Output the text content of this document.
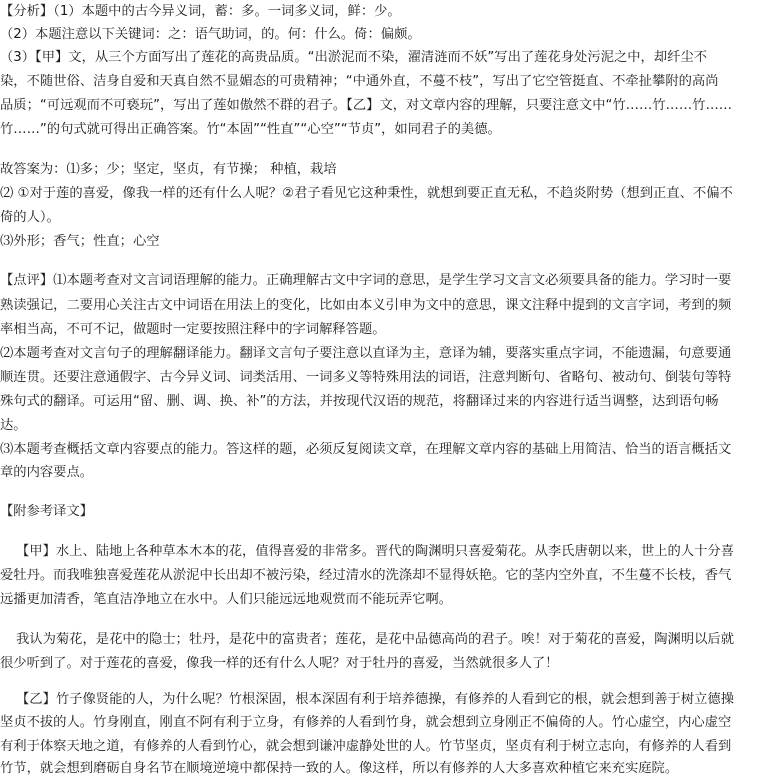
【分析】（1）本题中的古今异义词，蓄：多。一词多义词，鲜：少。
（2）本题注意以下关键词：之：语气助词，的。何：什么。倚：偏颇。
（3）【甲】文，从三个方面写出了莲花的高贵品质。“出淤泥而不染，濯清涟而不妖”写出了莲花身处污泥之中，却纤尘不
染，不随世俗、洁身自爱和天真自然不显媚态的可贵精神；“中通外直，不蔓不枝”，写出了它空管挺直、不牵扯攀附的高尚
品质；“可远观而不可亵玩”，写出了莲如傲然不群的君子。【乙】文，对文章内容的理解，只要注意文中“竹……竹……竹……
竹……”的句式就可得出正确答案。竹“本固”“性直”“心空”“节贞”，如同君子的美德。
故答案为：⑴多；少；坚定，坚贞，有节操； 种植，栽培
⑵ ①对于莲的喜爱，像我一样的还有什么人呢？②君子看见它这种秉性，就想到要正直无私，不趋炎附势（想到正直、不偏不
倚的人）。
⑶外形；香气；性直；心空
【点评】⑴本题考查对文言词语理解的能力。正确理解古文中字词的意思，是学生学习文言文必须要具备的能力。学习时一要
熟读强记，二要用心关注古文中词语在用法上的变化，比如由本义引申为文中的意思，课文注释中提到的文言字词，考到的频
率相当高，不可不记，做题时一定要按照注释中的字词解释答题。
⑵本题考查对文言句子的理解翻译能力。翻译文言句子要注意以直译为主，意译为辅，要落实重点字词，不能遗漏，句意要通
顺连贯。还要注意通假字、古今异义词、词类活用、一词多义等特殊用法的词语，注意判断句、省略句、被动句、倒装句等特
殊句式的翻译。可运用“留、删、调、换、补”的方法，并按现代汉语的规范，将翻译过来的内容进行适当调整，达到语句畅
达。
⑶本题考查概括文章内容要点的能力。答这样的题，必须反复阅读文章，在理解文章内容的基础上用简洁、恰当的语言概括文
章的内容要点。
【附参考译文】
【甲】水上、陆地上各种草本木本的花，值得喜爱的非常多。晋代的陶渊明只喜爱菊花。从李氏唐朝以来，世上的人十分喜
爱牡丹。而我唯独喜爱莲花从淤泥中长出却不被污染，经过清水的洗涤却不显得妖艳。它的茎内空外直，不生蔓不长枝，香气
远播更加清香，笔直洁净地立在水中。人们只能远远地观赏而不能玩弄它啊。
我认为菊花，是花中的隐士；牡丹，是花中的富贵者；莲花，是花中品德高尚的君子。唉！对于菊花的喜爱，陶渊明以后就
很少听到了。对于莲花的喜爱，像我一样的还有什么人呢？对于牡丹的喜爱，当然就很多人了！
【乙】竹子像贤能的人，为什么呢？竹根深固，根本深固有利于培养德操，有修养的人看到它的根，就会想到善于树立德操
坚贞不拔的人。竹身刚直，刚直不阿有利于立身，有修养的人看到竹身，就会想到立身刚正不偏倚的人。竹心虚空，内心虚空
有利于体察天地之道，有修养的人看到竹心，就会想到谦冲虚静处世的人。竹节坚贞，坚贞有利于树立志向，有修养的人看到
竹节，就会想到磨砺自身名节在顺境逆境中都保持一致的人。像这样，所以有修养的人大多喜欢种植它来充实庭院。
